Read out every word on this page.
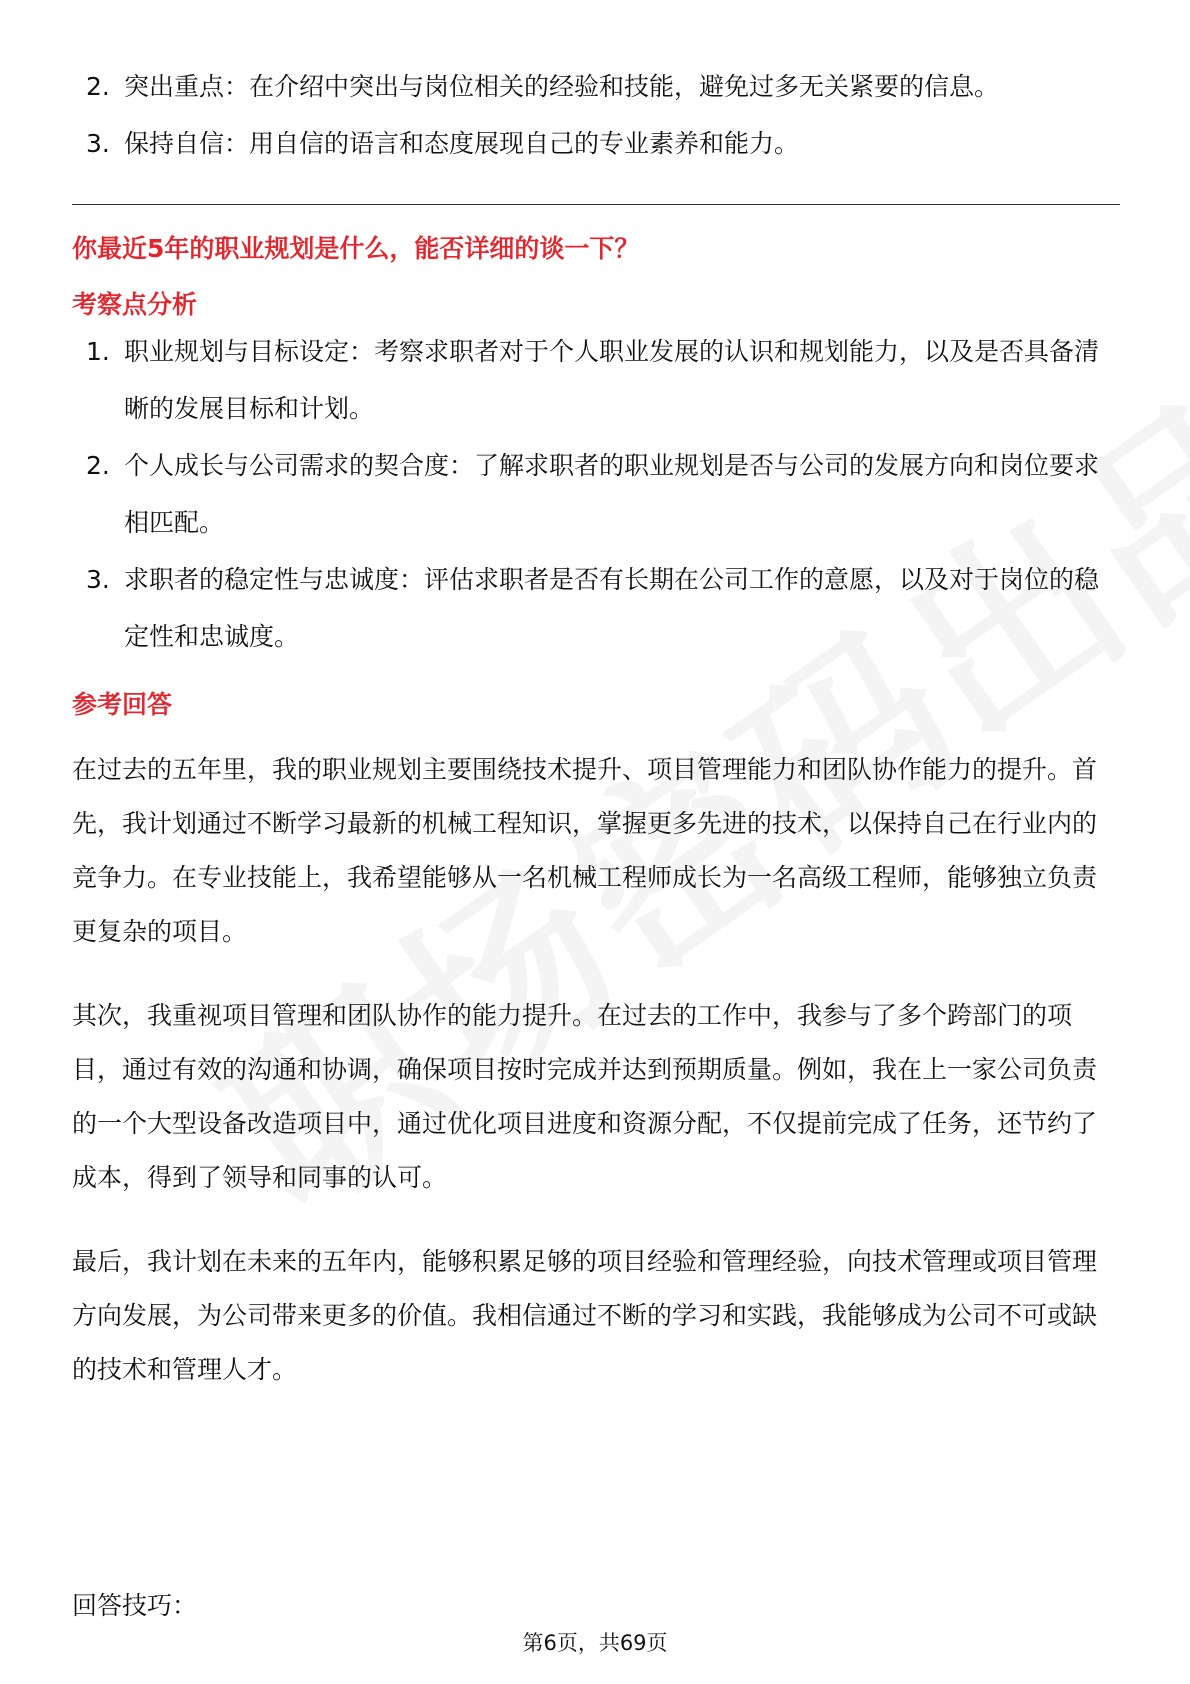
2. 突出重点：在介绍中突出与岗位相关的经验和技能，避免过多无关紧要的信息。
3. 保持自信：用自信的语言和态度展现自己的专业素养和能力。
你最近5年的职业规划是什么，能否详细的谈一下？
考察点分析
1. 职业规划与目标设定：考察求职者对于个人职业发展的认识和规划能力，以及是否具备清晰的发展目标和计划。
2. 个人成长与公司需求的契合度：了解求职者的职业规划是否与公司的发展方向和岗位要求相匹配。
3. 求职者的稳定性与忠诚度：评估求职者是否有长期在公司工作的意愿，以及对于岗位的稳定性和忠诚度。
参考回答

在过去的五年里，我的职业规划主要围绕技术提升、项目管理能力和团队协作能力的提升。首先，我计划通过不断学习最新的机械工程知识，掌握更多先进的技术，以保持自己在行业内的竞争力。在专业技能上，我希望能够从一名机械工程师成长为一名高级工程师，能够独立负责更复杂的项目。

其次，我重视项目管理和团队协作的能力提升。在过去的工作中，我参与了多个跨部门的项目，通过有效的沟通和协调，确保项目按时完成并达到预期质量。例如，我在上一家公司负责的一个大型设备改造项目中，通过优化项目进度和资源分配，不仅提前完成了任务，还节约了成本，得到了领导和同事的认可。

最后，我计划在未来的五年内，能够积累足够的项目经验和管理经验，向技术管理或项目管理方向发展，为公司带来更多的价值。我相信通过不断的学习和实践，我能够成为公司不可或缺的技术和管理人才。

回答技巧：
第6页，共69页
